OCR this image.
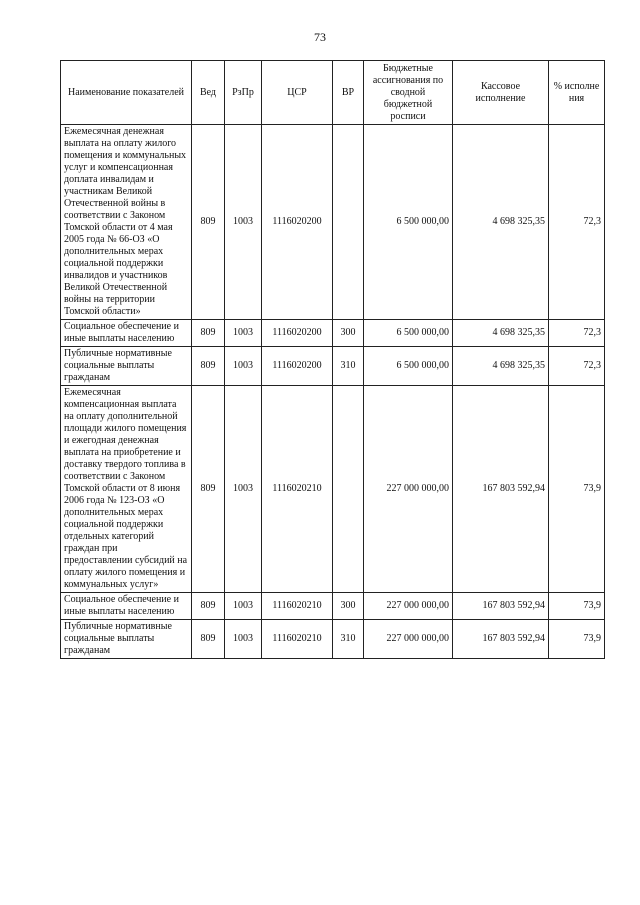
73
Наименование показателей	Вед	РзПр	ЦСР	ВР	Бюджетные ассигнования по сводной бюджетной росписи	Кассовое исполнение	% исполне ния
Ежемесячная денежная выплата на оплату жилого помещения и коммунальных услуг и компенсационная доплата инвалидам и участникам Великой Отечественной войны в соответствии с Законом Томской области от 4 мая 2005 года № 66-ОЗ «О дополнительных мерах социальной поддержки инвалидов и участников Великой Отечественной войны на территории Томской области»	809	1003	1116020200		6 500 000,00	4 698 325,35	72,3
Социальное обеспечение и иные выплаты населению	809	1003	1116020200	300	6 500 000,00	4 698 325,35	72,3
Публичные нормативные социальные выплаты гражданам	809	1003	1116020200	310	6 500 000,00	4 698 325,35	72,3
Ежемесячная компенсационная выплата на оплату дополнительной площади жилого помещения и ежегодная денежная выплата на приобретение и доставку твердого топлива в соответствии с Законом Томской области от 8 июня 2006 года № 123-ОЗ «О дополнительных мерах социальной поддержки отдельных категорий граждан при предоставлении субсидий на оплату жилого помещения и коммунальных услуг»	809	1003	1116020210		227 000 000,00	167 803 592,94	73,9
Социальное обеспечение и иные выплаты населению	809	1003	1116020210	300	227 000 000,00	167 803 592,94	73,9
Публичные нормативные социальные выплаты гражданам	809	1003	1116020210	310	227 000 000,00	167 803 592,94	73,9
